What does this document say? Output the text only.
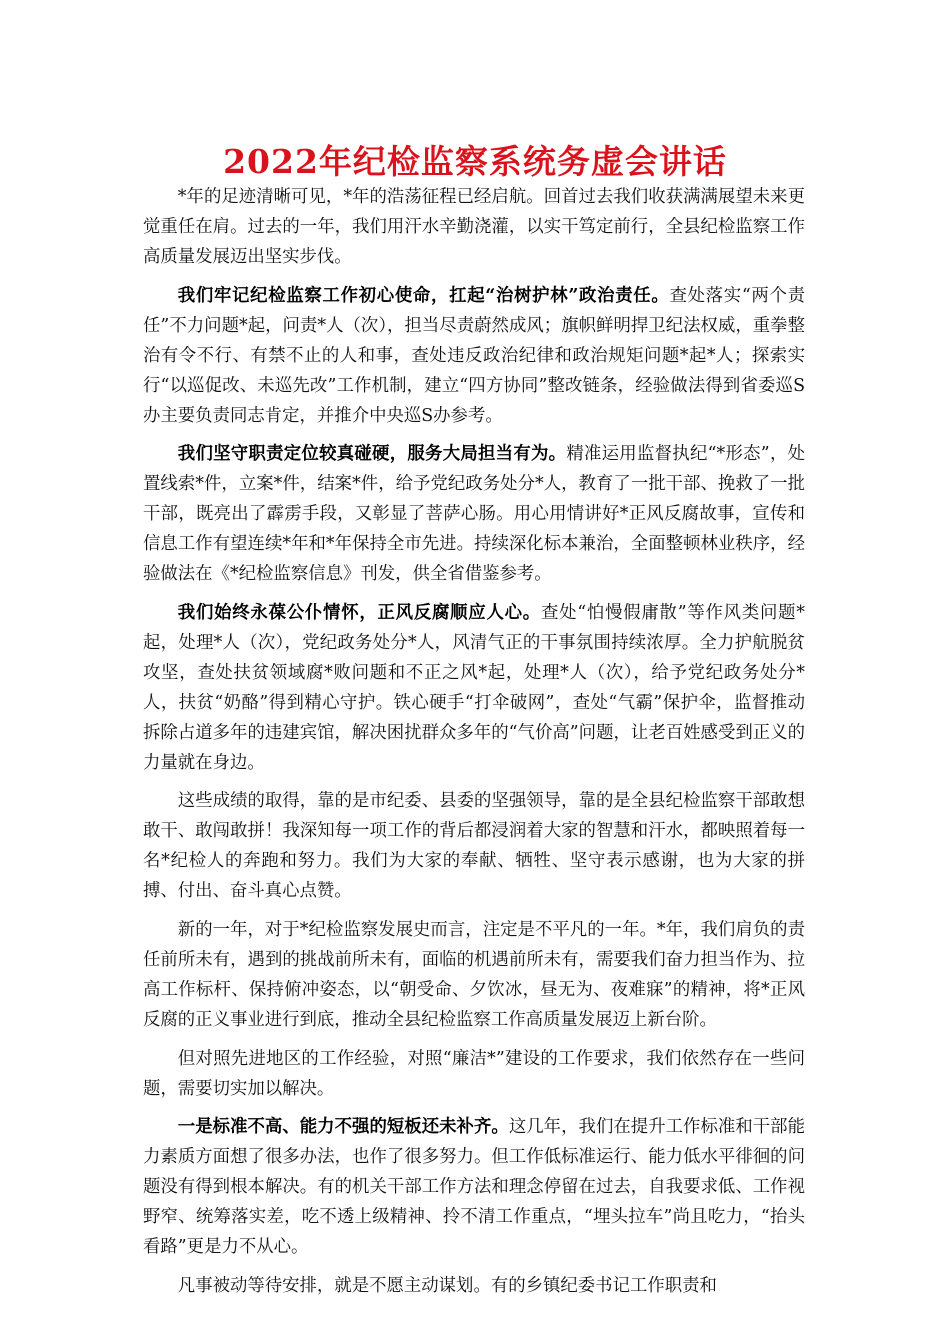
2022年纪检监察系统务虚会讲话

*年的足迹清晰可见，*年的浩荡征程已经启航。回首过去我们收获满满展望未来更觉重任在肩。过去的一年，我们用汗水辛勤浇灌，以实干笃定前行，全县纪检监察工作高质量发展迈出坚实步伐。

我们牢记纪检监察工作初心使命，扛起“治树护林”政治责任。查处落实“两个责任”不力问题*起，问责*人（次），担当尽责蔚然成风；旗帜鲜明捍卫纪法权威，重拳整治有令不行、有禁不止的人和事，查处违反政治纪律和政治规矩问题*起*人；探索实行“以巡促改、未巡先改”工作机制，建立“四方协同”整改链条，经验做法得到省委巡S办主要负责同志肯定，并推介中央巡S办参考。

我们坚守职责定位较真碰硬，服务大局担当有为。精准运用监督执纪“*形态”，处置线索*件，立案*件，结案*件，给予党纪政务处分*人，教育了一批干部、挽救了一批干部，既亮出了霹雳手段，又彰显了菩萨心肠。用心用情讲好*正风反腐故事，宣传和信息工作有望连续*年和*年保持全市先进。持续深化标本兼治，全面整顿林业秩序，经验做法在《*纪检监察信息》刊发，供全省借鉴参考。

我们始终永葆公仆情怀，正风反腐顺应人心。查处“怕慢假庸散”等作风类问题*起，处理*人（次），党纪政务处分*人，风清气正的干事氛围持续浓厚。全力护航脱贫攻坚，查处扶贫领域腐*败问题和不正之风*起，处理*人（次），给予党纪政务处分*人，扶贫“奶酪”得到精心守护。铁心硬手“打伞破网”，查处“气霸”保护伞，监督推动拆除占道多年的违建宾馆，解决困扰群众多年的“气价高”问题，让老百姓感受到正义的力量就在身边。

这些成绩的取得，靠的是市纪委、县委的坚强领导，靠的是全县纪检监察干部敢想敢干、敢闯敢拼！我深知每一项工作的背后都浸润着大家的智慧和汗水，都映照着每一名*纪检人的奔跑和努力。我们为大家的奉献、牺牲、坚守表示感谢，也为大家的拼搏、付出、奋斗真心点赞。

新的一年，对于*纪检监察发展史而言，注定是不平凡的一年。*年，我们肩负的责任前所未有，遇到的挑战前所未有，面临的机遇前所未有，需要我们奋力担当作为、拉高工作标杆、保持俯冲姿态，以“朝受命、夕饮冰，昼无为、夜难寐”的精神，将*正风反腐的正义事业进行到底，推动全县纪检监察工作高质量发展迈上新台阶。

但对照先进地区的工作经验，对照“廉洁*”建设的工作要求，我们依然存在一些问题，需要切实加以解决。

一是标准不高、能力不强的短板还未补齐。这几年，我们在提升工作标准和干部能力素质方面想了很多办法，也作了很多努力。但工作低标准运行、能力低水平徘徊的问题没有得到根本解决。有的机关干部工作方法和理念停留在过去，自我要求低、工作视野窄、统筹落实差，吃不透上级精神、拎不清工作重点，“埋头拉车”尚且吃力，“抬头看路”更是力不从心。

凡事被动等待安排，就是不愿主动谋划。有的乡镇纪委书记工作职责和
